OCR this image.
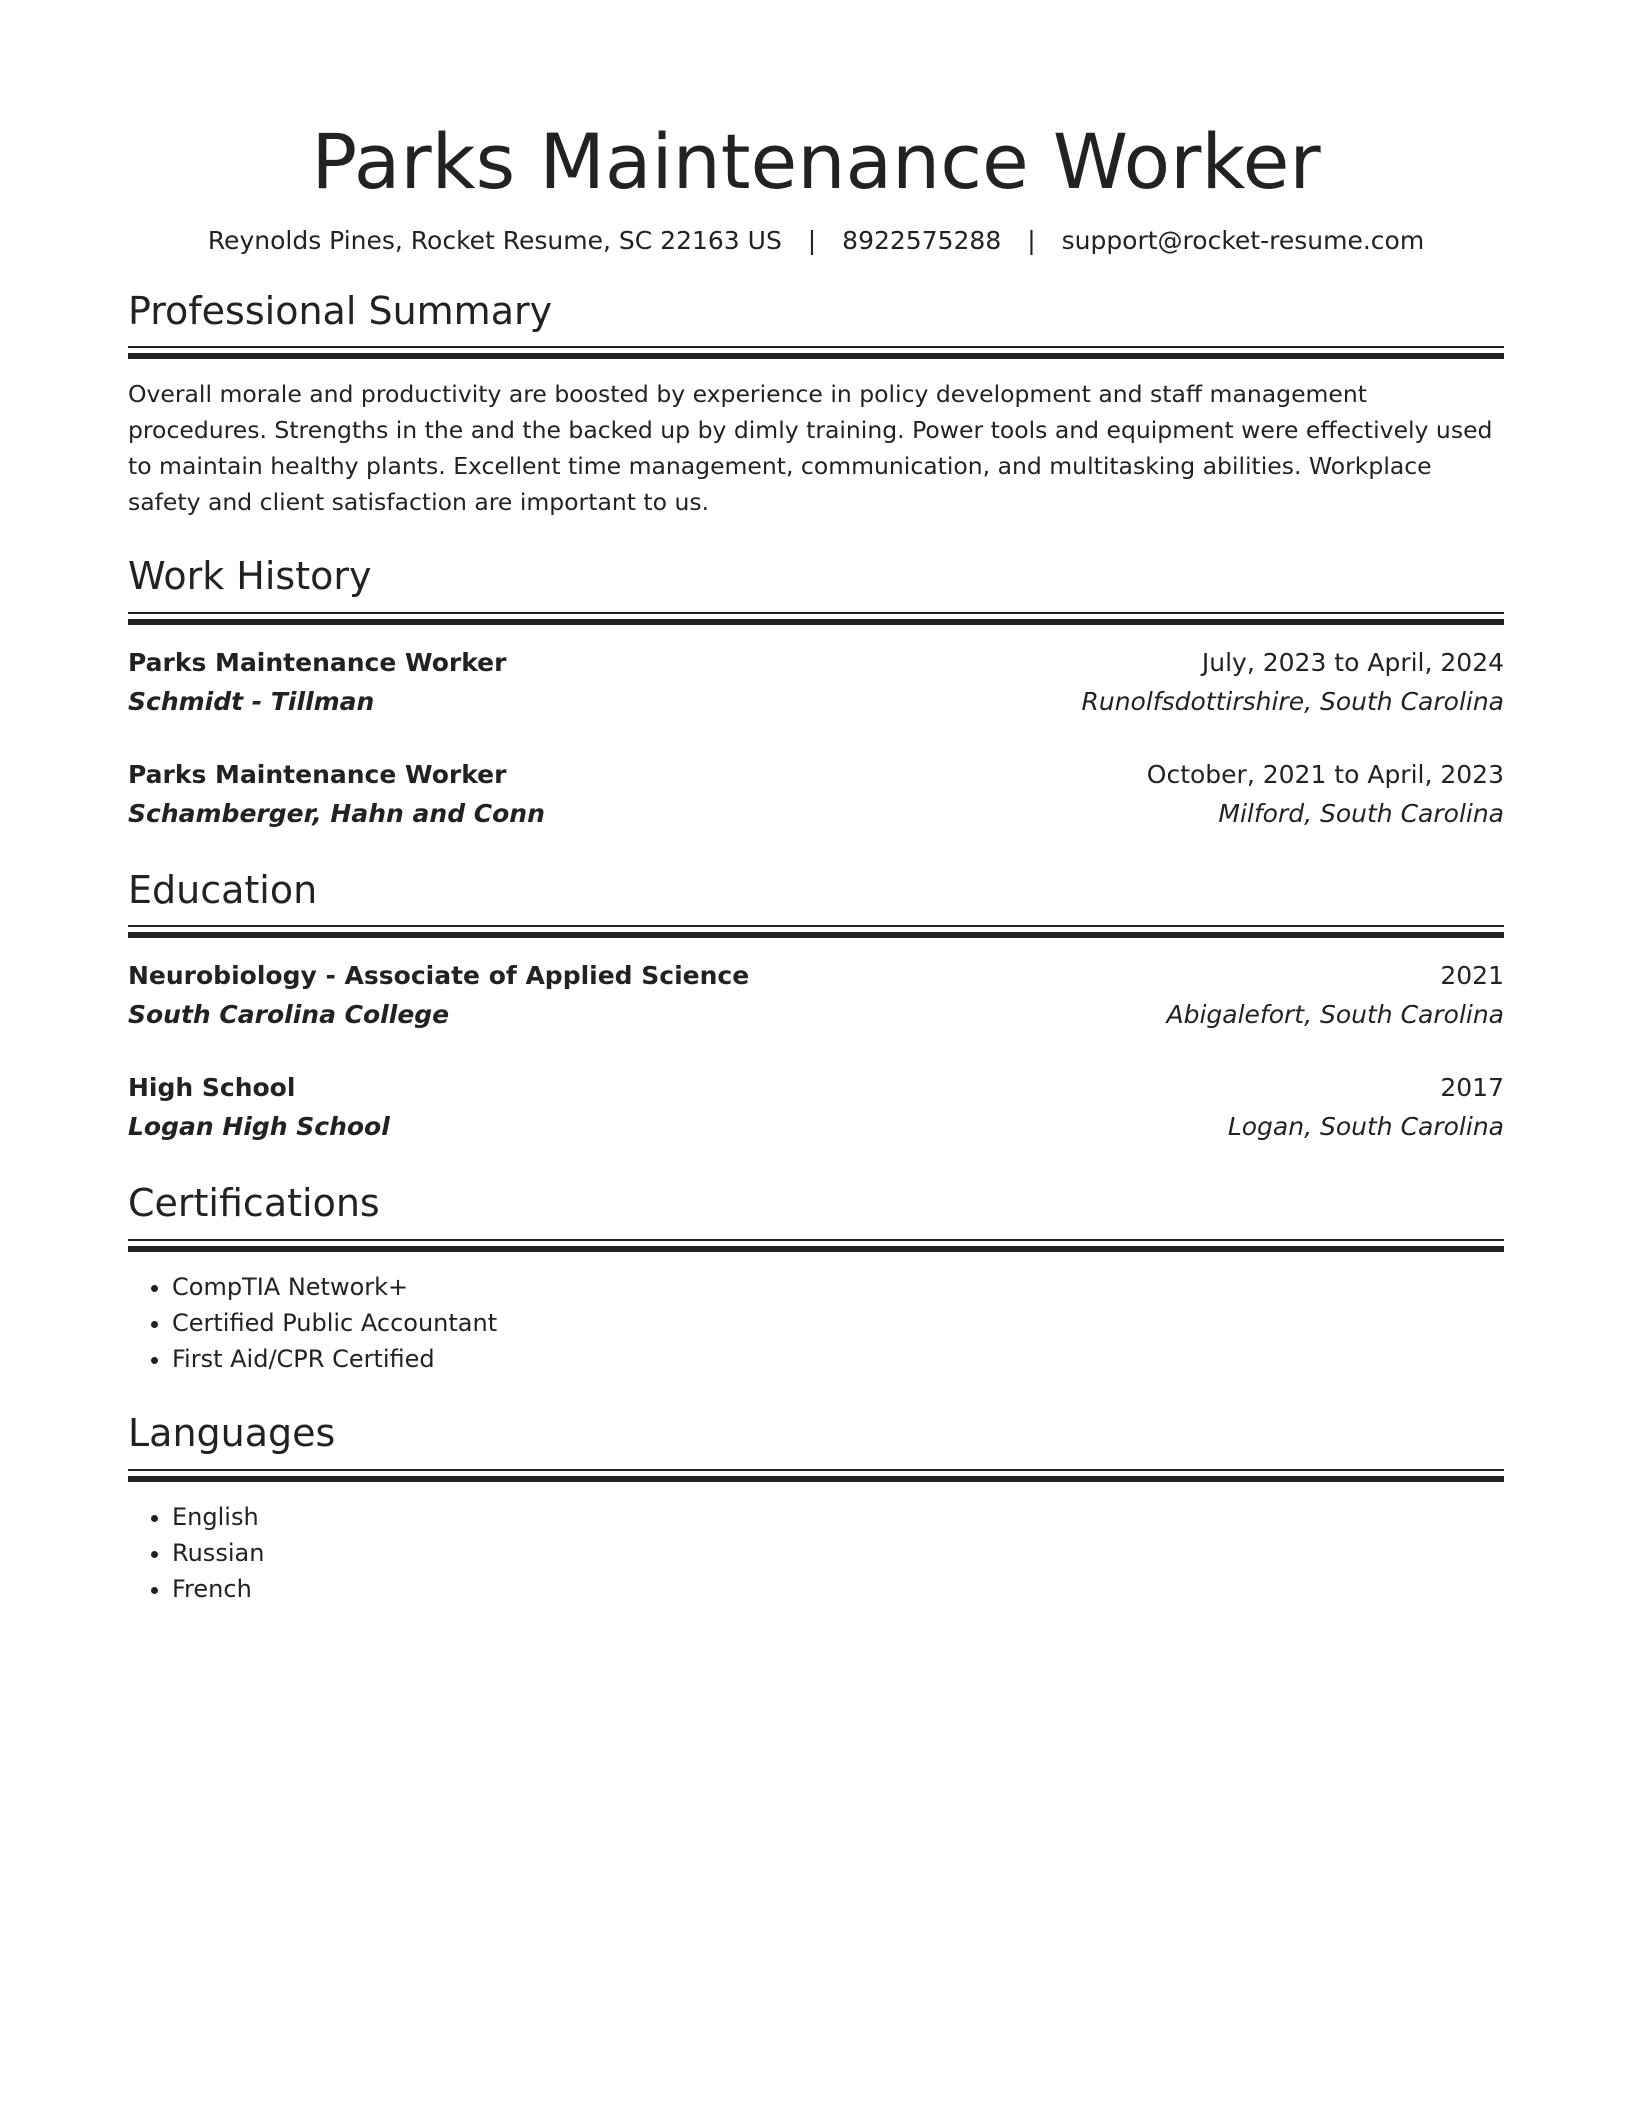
Parks Maintenance Worker
Reynolds Pines, Rocket Resume, SC 22163 US | 8922575288 | support@rocket-resume.com
Professional Summary
Overall morale and productivity are boosted by experience in policy development and staff management procedures. Strengths in the and the backed up by dimly training. Power tools and equipment were effectively used to maintain healthy plants. Excellent time management, communication, and multitasking abilities. Workplace safety and client satisfaction are important to us.
Work History
Parks Maintenance Worker	July, 2023 to April, 2024
Schmidt - Tillman	Runolfsdottirshire, South Carolina
Parks Maintenance Worker	October, 2021 to April, 2023
Schamberger, Hahn and Conn	Milford, South Carolina
Education
Neurobiology - Associate of Applied Science	2021
South Carolina College	Abigalefort, South Carolina
High School	2017
Logan High School	Logan, South Carolina
Certifications
• CompTIA Network+
• Certified Public Accountant
• First Aid/CPR Certified
Languages
• English
• Russian
• French
